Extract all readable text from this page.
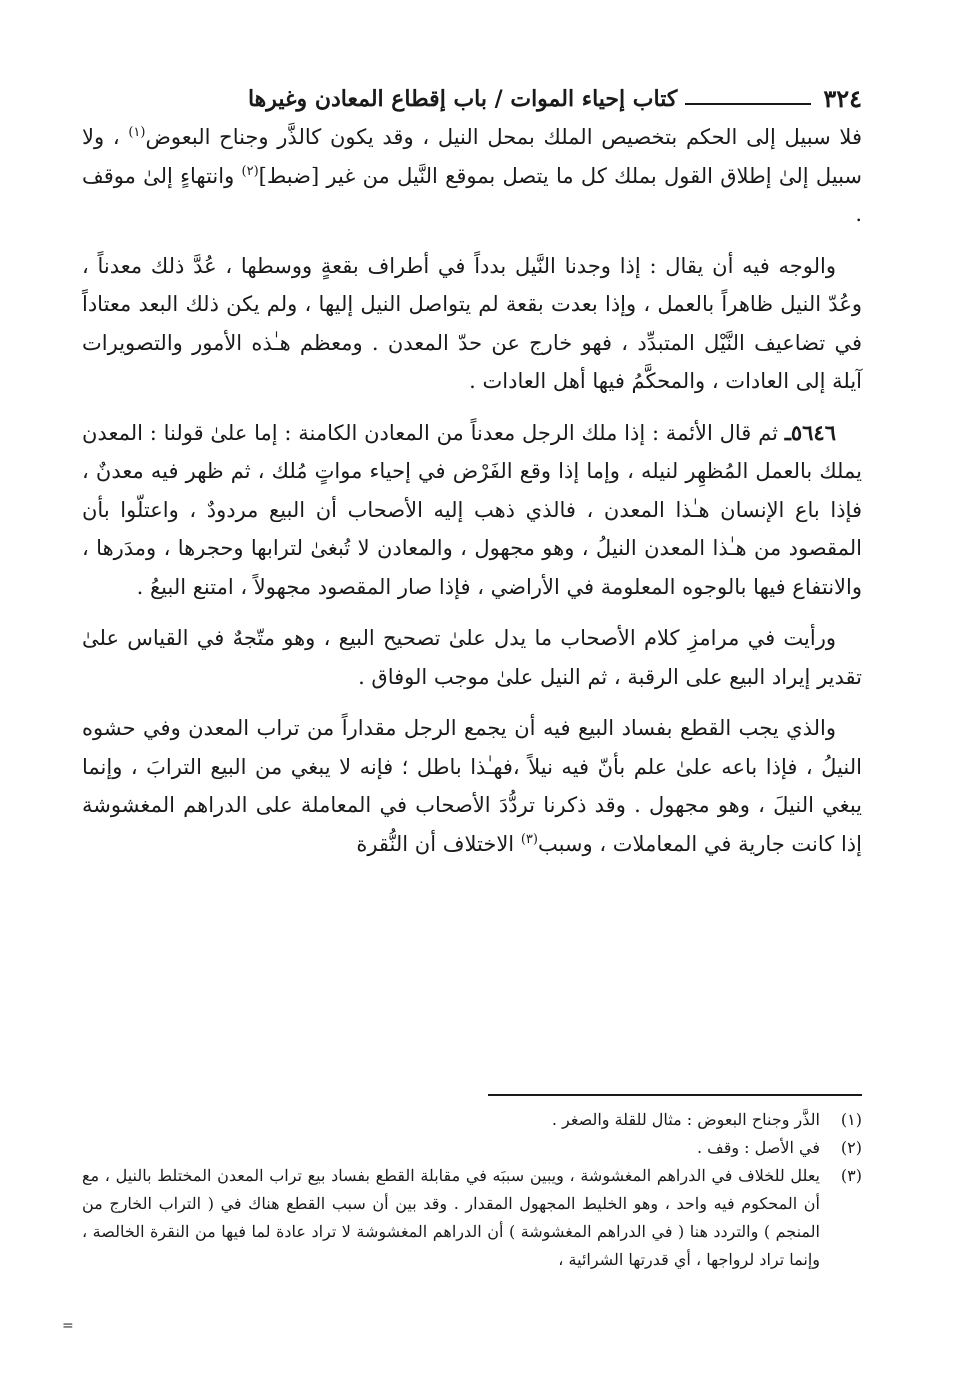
٣٢٤
كتاب إحياء الموات / باب إقطاع المعادن وغيرها

فلا سبيل إلى الحكم بتخصيص الملك بمحل النيل ، وقد يكون كالذَّر وجناح البعوض$^{(١)}$ ، ولا سبيل إلىٰ إطلاق القول بملك كل ما يتصل بموقع النَّيل من غير [ضبط]$^{(٢)}$ وانتهاءٍ إلىٰ موقف .

والوجه فيه أن يقال : إذا وجدنا النَّيل بدداً في أطراف بقعةٍ ووسطها ، عُدَّ ذلك معدناً ، وعُدّ النيل ظاهراً بالعمل ، وإذا بعدت بقعة لم يتواصل النيل إليها ، ولم يكن ذلك البعد معتاداً في تضاعيف النَّيْل المتبدِّد ، فهو خارج عن حدّ المعدن . ومعظم هـٰذه الأمور والتصويرات آيلة إلى العادات ، والمحكَّمُ فيها أهل العادات .

٥٦٤٦ـ ثم قال الأئمة : إذا ملك الرجل معدناً من المعادن الكامنة : إما علىٰ قولنا : المعدن يملك بالعمل المُظهِر لنيله ، وإما إذا وقع الفَرْض في إحياء مواتٍ مُلك ، ثم ظهر فيه معدنٌ ، فإذا باع الإنسان هـٰذا المعدن ، فالذي ذهب إليه الأصحاب أن البيع مردودٌ ، واعتلّوا بأن المقصود من هـٰذا المعدن النيلُ ، وهو مجهول ، والمعادن لا تُبغىٰ لترابها وحجرها ، ومدَرها ، والانتفاع فيها بالوجوه المعلومة في الأراضي ، فإذا صار المقصود مجهولاً ، امتنع البيعُ .

ورأيت في مرامزِ كلام الأصحاب ما يدل علىٰ تصحيح البيع ، وهو متّجهٌ في القياس علىٰ تقدير إيراد البيع على الرقبة ، ثم النيل علىٰ موجب الوفاق .

والذي يجب القطع بفساد البيع فيه أن يجمع الرجل مقداراً من تراب المعدن وفي حشوه النيلُ ، فإذا باعه علىٰ علم بأنّ فيه نيلاً ،فهـٰذا باطل ؛ فإنه لا يبغي من البيع الترابَ ، وإنما يبغي النيلَ ، وهو مجهول . وقد ذكرنا تردُّدَ الأصحاب في المعاملة على الدراهم المغشوشة إذا كانت جارية في المعاملات ، وسبب$^{(٣)}$ الاختلاف أن النُّقرة

(١)
الذَّر وجناح البعوض : مثال للقلة والصغر .
(٢)
في الأصل : وقف .
(٣)
يعلل للخلاف في الدراهم المغشوشة ، ويبين سببَه في مقابلة القطع بفساد بيع تراب المعدن المختلط بالنيل ، مع أن المحكوم فيه واحد ، وهو الخليط المجهول المقدار . وقد بين أن سبب القطع هناك في ( التراب الخارج من المنجم ) والتردد هنا ( في الدراهم المغشوشة ) أن الدراهم المغشوشة لا تراد عادة لما فيها من النقرة الخالصة ، وإنما تراد لرواجها ، أي قدرتها الشرائية ،
=
